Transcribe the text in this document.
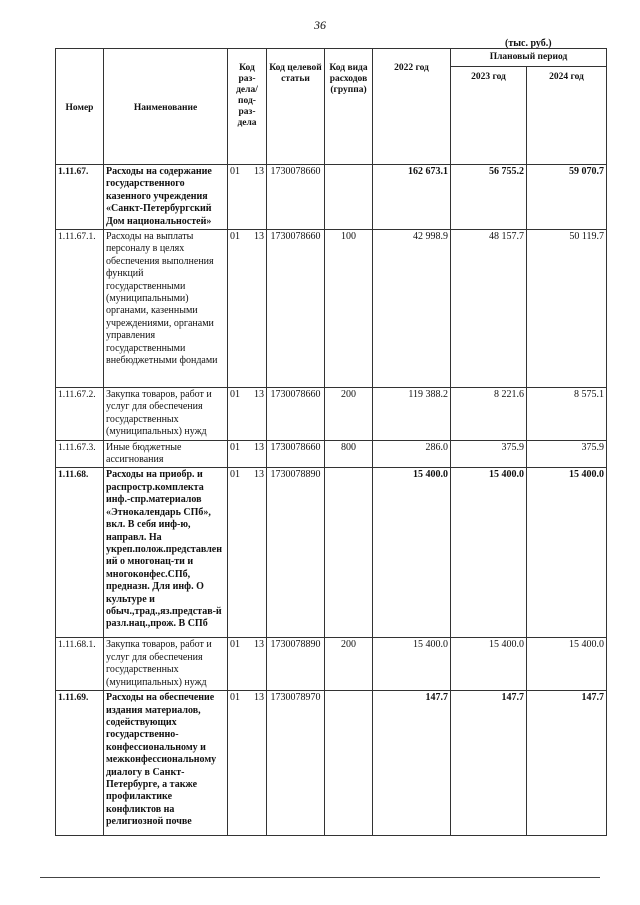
36
(тыс. руб.)
Номер	Наименование	Код раз-дела/ под-раз-дела		Код целевой статьи	Код вида расходов (группа)	2022 год	Плановый период	
							2023 год	2024 год
1.11.67.	Расходы на содержание государственного казенного учреждения «Санкт-Петербургский Дом национальностей»	01	13	1730078660		162 673.1	56 755.2	59 070.7
1.11.67.1.	Расходы на выплаты персоналу в целях обеспечения выполнения функций государственными (муниципальными) органами, казенными учреждениями, органами управления государственными внебюджетными фондами	01	13	1730078660	100	42 998.9	48 157.7	50 119.7
1.11.67.2.	Закупка товаров, работ и услуг для обеспечения государственных (муниципальных) нужд	01	13	1730078660	200	119 388.2	8 221.6	8 575.1
1.11.67.3.	Иные бюджетные ассигнования	01	13	1730078660	800	286.0	375.9	375.9
1.11.68.	Расходы на приобр. и распростр.комплекта инф.-спр.материалов «Этнокалендарь СПб», вкл. В себя инф-ю, направл. На укреп.полож.представлений о многонац-ти и многоконфес.СПб, предназн. Для инф. О культуре и обыч.,трад.,яз.представ-й разл.нац.,прож. В СПб	01	13	1730078890		15 400.0	15 400.0	15 400.0
1.11.68.1.	Закупка товаров, работ и услуг для обеспечения государственных (муниципальных) нужд	01	13	1730078890	200	15 400.0	15 400.0	15 400.0
1.11.69.	Расходы на обеспечение издания материалов, содействующих государственно-конфессиональному и межконфессиональному диалогу в Санкт-Петербурге, а также профилактике конфликтов на религиозной почве	01	13	1730078970		147.7	147.7	147.7
